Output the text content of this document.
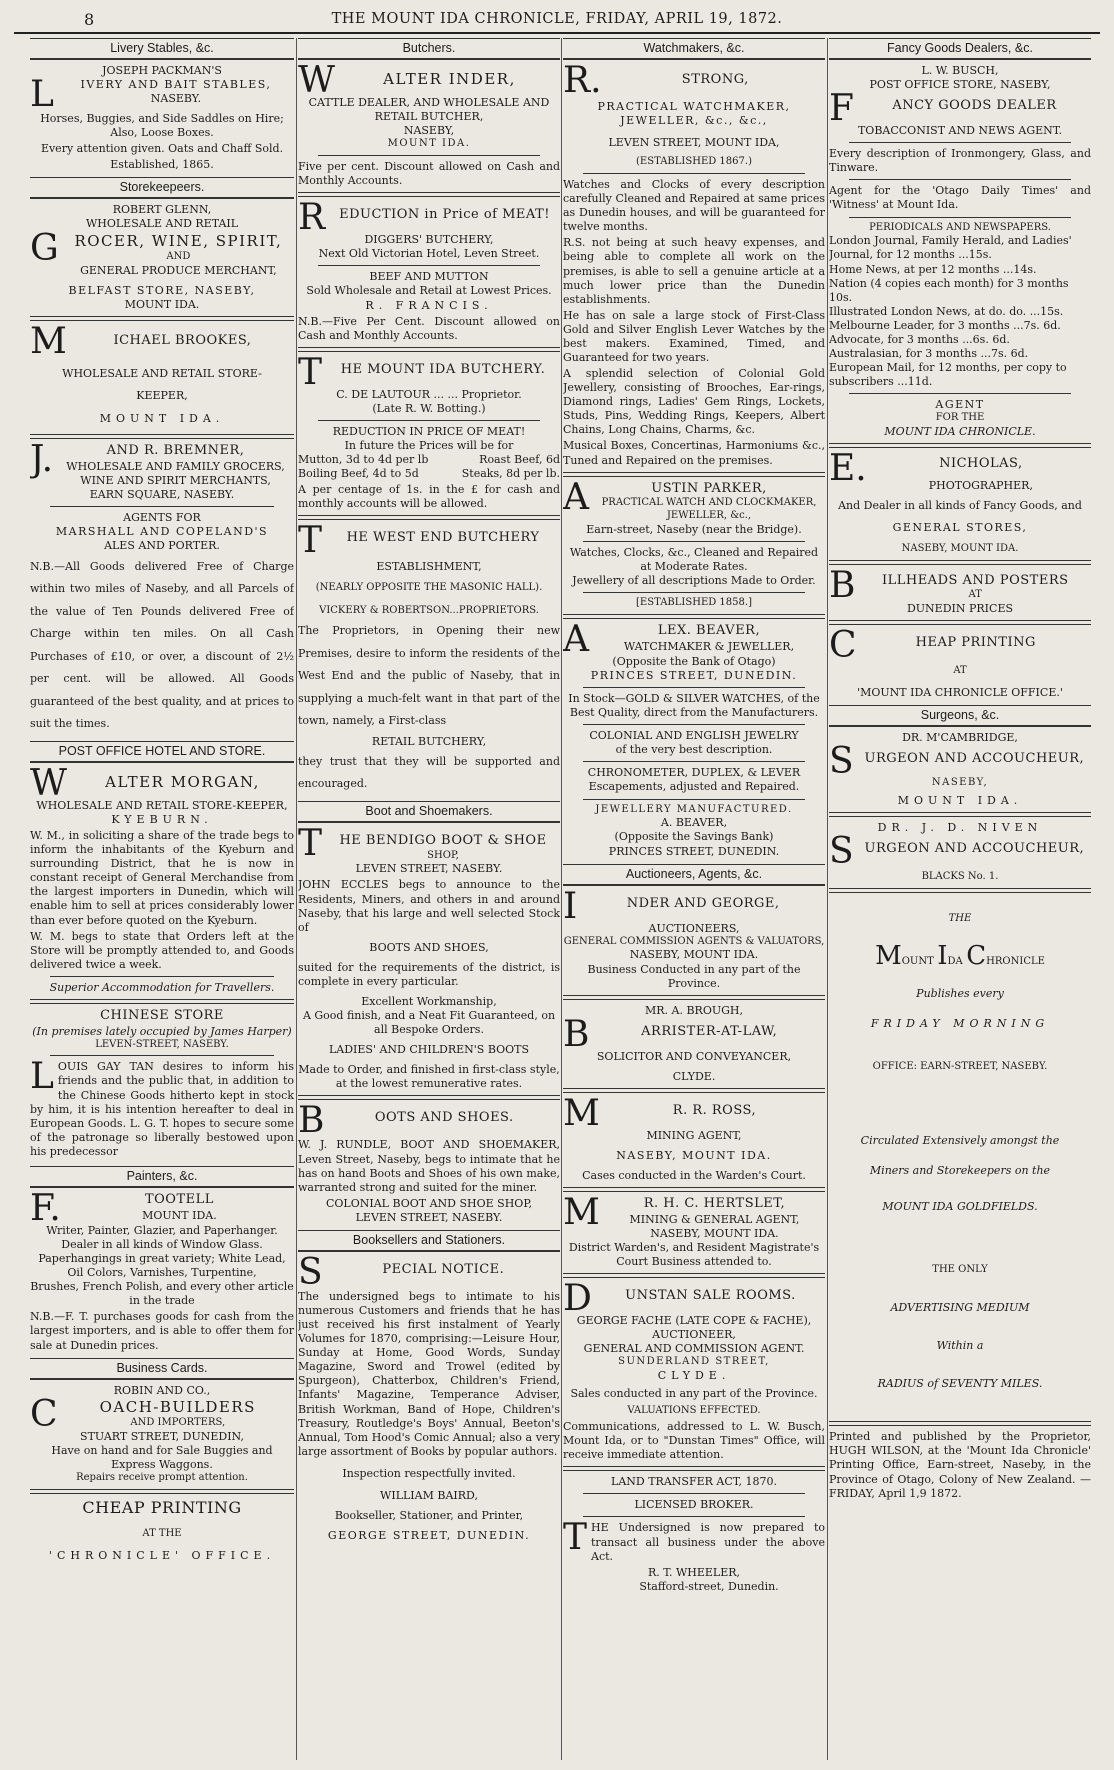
8	THE MOUNT IDA CHRONICLE, FRIDAY, APRIL 19, 1872.
Livery Stables, &c.
JOSEPH PACKMAN'S
L	IVERY AND BAIT STABLES,
NASEBY.

Horses, Buggies, and Side Saddles on Hire; Also, Loose Boxes.

Every attention given. Oats and Chaff Sold.

Established, 1865.

Storekeepeers.
ROBERT GLENN,
WHOLESALE AND RETAIL
G	ROCER, WINE, SPIRIT,
AND
GENERAL PRODUCE MERCHANT,
BELFAST STORE, NASEBY,
MOUNT IDA.
M	ICHAEL BROOKES,
WHOLESALE AND RETAIL STORE-
KEEPER,
MOUNT IDA.
J.	AND R. BREMNER,
WHOLESALE AND FAMILY GROCERS, WINE AND SPIRIT MERCHANTS,
EARN SQUARE, NASEBY.
AGENTS FOR
MARSHALL AND COPELAND'S
ALES AND PORTER.

N.B.—All Goods delivered Free of Charge within two miles of Naseby, and all Parcels of the value of Ten Pounds delivered Free of Charge within ten miles. On all Cash Purchases of £10, or over, a discount of 2½ per cent. will be allowed. All Goods guaranteed of the best quality, and at prices to suit the times.

POST OFFICE HOTEL AND STORE.
W	ALTER MORGAN,
WHOLESALE AND RETAIL STORE-KEEPER,
KYEBURN.

W. M., in soliciting a share of the trade begs to inform the inhabitants of the Kyeburn and surrounding District, that he is now in constant receipt of General Merchandise from the largest importers in Dunedin, which will enable him to sell at prices considerably lower than ever before quoted on the Kyeburn.

W. M. begs to state that Orders left at the Store will be promptly attended to, and Goods delivered twice a week.

Superior Accommodation for Travellers.
CHINESE STORE
(In premises lately occupied by James Harper)
LEVEN-STREET, NASEBY.

LOUIS GAY TAN desires to inform his friends and the public that, in addition to the Chinese Goods hitherto kept in stock by him, it is his intention hereafter to deal in European Goods. L. G. T. hopes to secure some of the patronage so liberally bestowed upon his predecessor

Painters, &c.
F.	TOOTELL
MOUNT IDA.
Writer, Painter, Glazier, and Paperhanger.
Dealer in all kinds of Window Glass.
Paperhangings in great variety; White Lead, Oil Colors, Varnishes, Turpentine,
Brushes, French Polish, and every other article in the trade

N.B.—F. T. purchases goods for cash from the largest importers, and is able to offer them for sale at Dunedin prices.

Business Cards.
ROBIN AND CO.,
C	OACH-BUILDERS
AND IMPORTERS,
STUART STREET, DUNEDIN,
Have on hand and for Sale Buggies and Express Waggons.
Repairs receive prompt attention.
CHEAP PRINTING
AT THE
'CHRONICLE' OFFICE.
Butchers.
W	ALTER INDER,
CATTLE DEALER, AND WHOLESALE AND RETAIL BUTCHER,
NASEBY,
MOUNT IDA.

Five per cent. Discount allowed on Cash and Monthly Accounts.

R	EDUCTION in Price of MEAT!
DIGGERS' BUTCHERY,
Next Old Victorian Hotel, Leven Street.
BEEF AND MUTTON
Sold Wholesale and Retail at Lowest Prices.
R. FRANCIS.

N.B.—Five Per Cent. Discount allowed on Cash and Monthly Accounts.

T	HE MOUNT IDA BUTCHERY.
C. DE LAUTOUR ... ... Proprietor.
(Late R. W. Botting.)
REDUCTION IN PRICE OF MEAT!
In future the Prices will be for
Mutton, 3d to 4d per lb	Roast Beef, 6d
Boiling Beef, 4d to 5d	Steaks, 8d per lb.

A per centage of 1s. in the £ for cash and monthly accounts will be allowed.

T	HE WEST END BUTCHERY
ESTABLISHMENT,
(NEARLY OPPOSITE THE MASONIC HALL).
VICKERY & ROBERTSON...PROPRIETORS.

The Proprietors, in Opening their new Premises, desire to inform the residents of the West End and the public of Naseby, that in supplying a much-felt want in that part of the town, namely, a First-class

RETAIL BUTCHERY,

they trust that they will be supported and encouraged.

Boot and Shoemakers.
T	HE BENDIGO BOOT & SHOE
SHOP,
LEVEN STREET, NASEBY.

JOHN ECCLES begs to announce to the Residents, Miners, and others in and around Naseby, that his large and well selected Stock of

BOOTS AND SHOES,

suited for the requirements of the district, is complete in every particular.

Excellent Workmanship,
A Good finish, and a Neat Fit Guaranteed, on all Bespoke Orders.
LADIES' AND CHILDREN'S BOOTS
Made to Order, and finished in first-class style, at the lowest remunerative rates.
B	OOTS AND SHOES.

W. J. RUNDLE, BOOT AND SHOEMAKER, Leven Street, Naseby, begs to intimate that he has on hand Boots and Shoes of his own make, warranted strong and suited for the miner.

COLONIAL BOOT AND SHOE SHOP,
LEVEN STREET, NASEBY.
Booksellers and Stationers.
S	PECIAL NOTICE.

The undersigned begs to intimate to his numerous Customers and friends that he has just received his first instalment of Yearly Volumes for 1870, comprising:—Leisure Hour, Sunday at Home, Good Words, Sunday Magazine, Sword and Trowel (edited by Spurgeon), Chatterbox, Children's Friend, Infants' Magazine, Temperance Adviser, British Workman, Band of Hope, Children's Treasury, Routledge's Boys' Annual, Beeton's Annual, Tom Hood's Comic Annual; also a very large assortment of Books by popular authors.

Inspection respectfully invited.
WILLIAM BAIRD,
Bookseller, Stationer, and Printer,
GEORGE STREET, DUNEDIN.
Watchmakers, &c.
R.	STRONG,
PRACTICAL WATCHMAKER, JEWELLER, &c., &c.,
LEVEN STREET, MOUNT IDA,
(ESTABLISHED 1867.)

Watches and Clocks of every description carefully Cleaned and Repaired at same prices as Dunedin houses, and will be guaranteed for twelve months.

R.S. not being at such heavy expenses, and being able to complete all work on the premises, is able to sell a genuine article at a much lower price than the Dunedin establishments.

He has on sale a large stock of First-Class Gold and Silver English Lever Watches by the best makers. Examined, Timed, and Guaranteed for two years.

A splendid selection of Colonial Gold Jewellery, consisting of Brooches, Ear-rings, Diamond rings, Ladies' Gem Rings, Lockets, Studs, Pins, Wedding Rings, Keepers, Albert Chains, Long Chains, Charms, &c.

Musical Boxes, Concertinas, Harmoniums &c., Tuned and Repaired on the premises.

A	USTIN PARKER,
PRACTICAL WATCH AND CLOCKMAKER, JEWELLER, &c.,
Earn-street, Naseby (near the Bridge).
Watches, Clocks, &c., Cleaned and Repaired at Moderate Rates.
Jewellery of all descriptions Made to Order.
[ESTABLISHED 1858.]
A	LEX. BEAVER,
WATCHMAKER & JEWELLER,
(Opposite the Bank of Otago)
PRINCES STREET, DUNEDIN.
In Stock—GOLD & SILVER WATCHES, of the Best Quality, direct from the Manufacturers.
COLONIAL AND ENGLISH JEWELRY
of the very best description.
CHRONOMETER, DUPLEX, & LEVER
Escapements, adjusted and Repaired.
JEWELLERY MANUFACTURED.
A. BEAVER,
(Opposite the Savings Bank)
PRINCES STREET, DUNEDIN.
Auctioneers, Agents, &c.
I	NDER AND GEORGE,
AUCTIONEERS,
GENERAL COMMISSION AGENTS & VALUATORS,
NASEBY, MOUNT IDA.
Business Conducted in any part of the Province.
MR. A. BROUGH,
B	ARRISTER-AT-LAW,
SOLICITOR AND CONVEYANCER,
CLYDE.
M	R. R. ROSS,
MINING AGENT,
NASEBY, MOUNT IDA.
Cases conducted in the Warden's Court.
M	R. H. C. HERTSLET,
MINING & GENERAL AGENT,
NASEBY, MOUNT IDA.
District Warden's, and Resident Magistrate's Court Business attended to.
D	UNSTAN SALE ROOMS.
GEORGE FACHE (LATE COPE & FACHE),
AUCTIONEER,
GENERAL AND COMMISSION AGENT.
SUNDERLAND STREET,
CLYDE.
Sales conducted in any part of the Province.
VALUATIONS EFFECTED.

Communications, addressed to L. W. Busch, Mount Ida, or to "Dunstan Times" Office, will receive immediate attention.

LAND TRANSFER ACT, 1870.
LICENSED BROKER.

THE Undersigned is now prepared to transact all business under the above Act.

R. T. WHEELER,
Stafford-street, Dunedin.
Fancy Goods Dealers, &c.
L. W. BUSCH,
POST OFFICE STORE, NASEBY,
F	ANCY GOODS DEALER
TOBACCONIST AND NEWS AGENT.

Every description of Ironmongery, Glass, and Tinware.

Agent for the 'Otago Daily Times' and 'Witness' at Mount Ida.

PERIODICALS AND NEWSPAPERS.
London Journal, Family Herald, and Ladies' Journal, for 12 months ...15s.
Home News, at per 12 months ...14s.
Nation (4 copies each month) for 3 months 10s.
Illustrated London News, at do. do. ...15s.
Melbourne Leader, for 3 months ...7s. 6d.
Advocate, for 3 months ...6s. 6d.
Australasian, for 3 months ...7s. 6d.
European Mail, for 12 months, per copy to subscribers ...11d.
AGENT
FOR THE
MOUNT IDA CHRONICLE.
E.	NICHOLAS,
PHOTOGRAPHER,
And Dealer in all kinds of Fancy Goods, and
GENERAL STORES,
NASEBY, MOUNT IDA.
B	ILLHEADS AND POSTERS
AT
DUNEDIN PRICES
C	HEAP PRINTING
AT
'MOUNT IDA CHRONICLE OFFICE.'
Surgeons, &c.
DR. M'CAMBRIDGE,
S URGEON AND ACCOUCHEUR,
NASEBY,
MOUNT IDA.
DR. J. D. NIVEN
S URGEON AND ACCOUCHEUR,
BLACKS No. 1.
THE
MOUNT IDA CHRONICLE
Publishes every
FRIDAY MORNING
OFFICE: EARN-STREET, NASEBY.
Circulated Extensively amongst the
Miners and Storekeepers on the
MOUNT IDA GOLDFIELDS.
THE ONLY
ADVERTISING MEDIUM
Within a
RADIUS of SEVENTY MILES.

Printed and published by the Proprietor, HUGH WILSON, at the 'Mount Ida Chronicle' Printing Office, Earn-street, Naseby, in the Province of Otago, Colony of New Zealand. —FRIDAY, April 1,9 1872.
